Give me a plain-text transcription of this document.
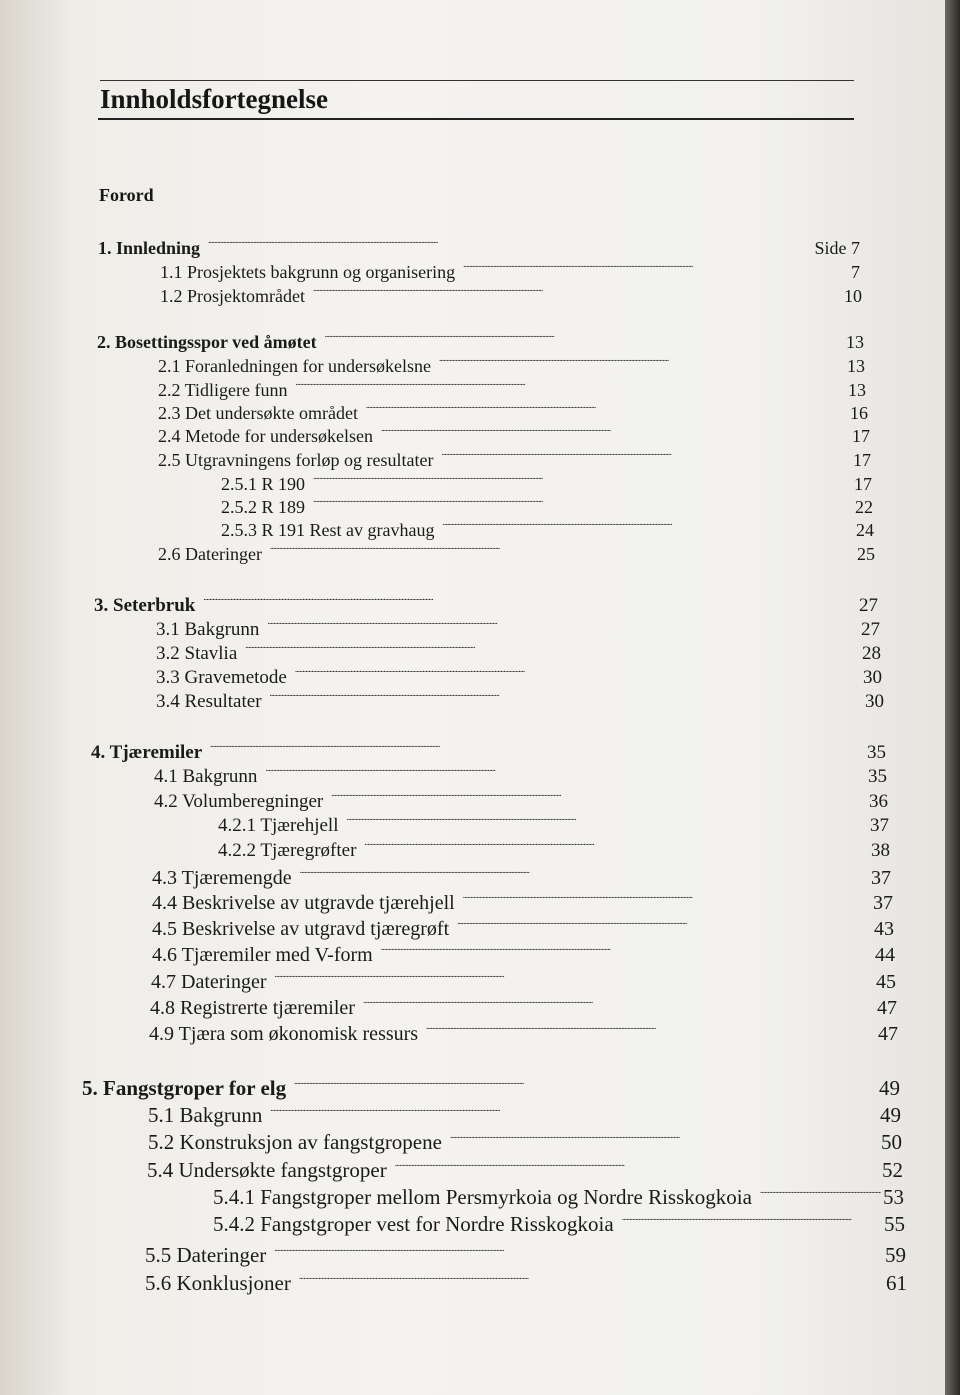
Innholdsfortegnelse
Forord
1. Innledning . . .	Side 7
1.1 Prosjektets bakgrunn og organisering . . .	7
1.2 Prosjektområdet . . .	10
2. Bosettingsspor ved åmøtet . . .	13
2.1 Foranledningen for undersøkelsne . . .	13
2.2 Tidligere funn . . .	13
2.3 Det undersøkte området . . .	16
2.4 Metode for undersøkelsen . . .	17
2.5 Utgravningens forløp og resultater . . .	17
2.5.1 R 190 . . .	17
2.5.2 R 189 . . .	22
2.5.3 R 191 Rest av gravhaug . . .	24
2.6 Dateringer . . .	25
3. Seterbruk . . .	27
3.1 Bakgrunn . . .	27
3.2 Stavlia . . .	28
3.3 Gravemetode . . .	30
3.4 Resultater . . .	30
4. Tjæremiler . . .	35
4.1 Bakgrunn . . .	35
4.2 Volumberegninger . . .	36
4.2.1 Tjærehjell . . .	37
4.2.2 Tjæregrøfter . . .	38
4.3 Tjæremengde . . .	37
4.4 Beskrivelse av utgravde tjærehjell . . .	37
4.5 Beskrivelse av utgravd tjæregrøft . . .	43
4.6 Tjæremiler med V-form . . .	44
4.7 Dateringer . . .	45
4.8 Registrerte tjæremiler . . .	47
4.9 Tjæra som økonomisk ressurs . . .	47
5. Fangstgroper for elg . . .	49
5.1 Bakgrunn . . .	49
5.2 Konstruksjon av fangstgropene . . .	50
5.4 Undersøkte fangstgroper . . .	52
5.4.1 Fangstgroper mellom Persmyrkoia og Nordre Risskogkoia . . .	53
5.4.2 Fangstgroper vest for Nordre Risskogkoia . . .	55
5.5 Dateringer . . .	59
5.6 Konklusjoner . . .	61
